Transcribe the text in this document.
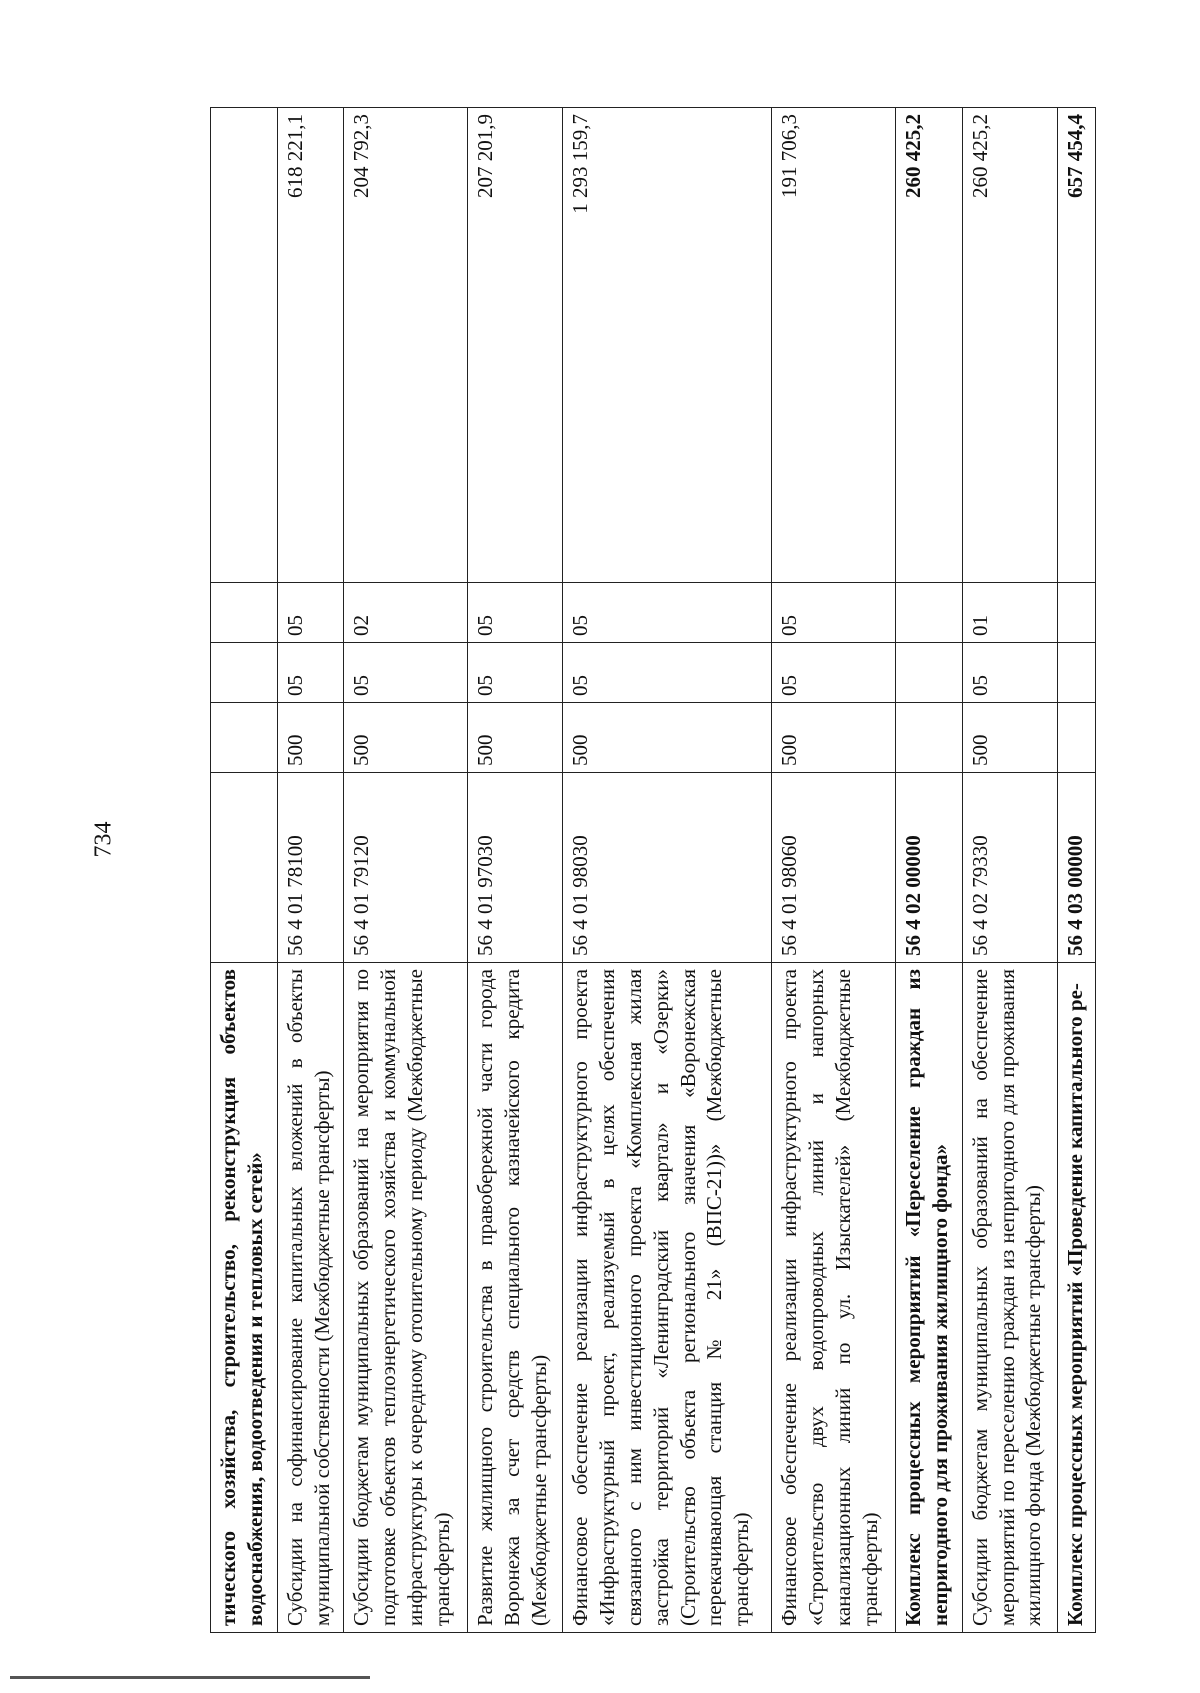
734
тического хозяйства, строительство, реконструкция объектов водоснабжения, водоотведения и тепловых сетей»					
Субсидии на софинансирование капитальных вложений в объекты муниципальной собственности (Межбюджетные трансферты)	56 4 01 78100	500	05	05	618 221,1
Субсидии бюджетам муниципальных образований на мероприятия по подготовке объектов теплоэнергетического хозяйства и коммунальной инфраструктуры к очередному отопительному периоду (Межбюджетные трансферты)	56 4 01 79120	500	05	02	204 792,3
Развитие жилищного строительства в правобережной части города Воронежа за счет средств специального казначейского кредита (Межбюджетные трансферты)	56 4 01 97030	500	05	05	207 201,9
Финансовое обеспечение реализации инфраструктурного проекта «Инфраструктурный проект, реализуемый в целях обеспечения связанного с ним инвестиционного проекта «Комплексная жилая застройка территорий «Ленинградский квартал» и «Озерки» (Строительство объекта регионального значения «Воронежская перекачивающая станция № 21» (ВПС-21))» (Межбюджетные трансферты)	56 4 01 98030	500	05	05	1 293 159,7
Финансовое обеспечение реализации инфраструктурного проекта «Строительство двух водопроводных линий и напорных канализационных линий по ул. Изыскателей» (Межбюджетные трансферты)	56 4 01 98060	500	05	05	191 706,3
Комплекс процессных мероприятий «Переселение граждан из непригодного для проживания жилищного фонда»	56 4 02 00000				260 425,2
Субсидии бюджетам муниципальных образований на обеспечение мероприятий по переселению граждан из непригодного для проживания жилищного фонда (Межбюджетные трансферты)	56 4 02 79330	500	05	01	260 425,2
Комплекс процессных мероприятий «Проведение капитального ре-	56 4 03 00000				657 454,4
